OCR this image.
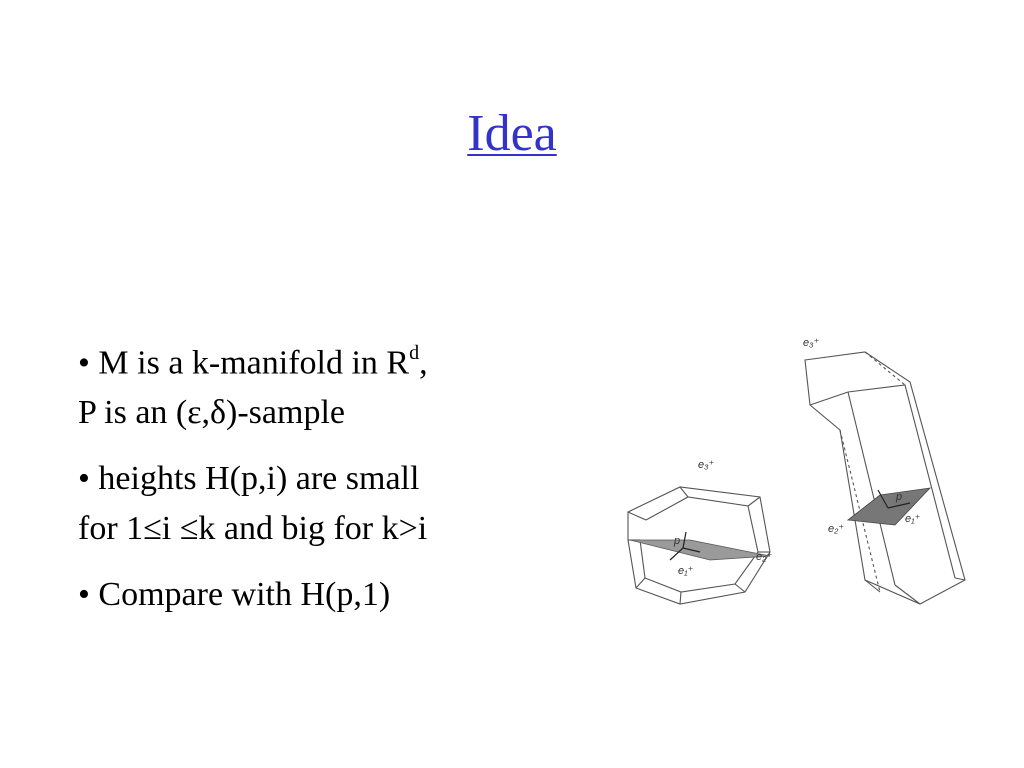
Idea
• M is a k-manifold in $R^d$,
P is an (ε,δ)-sample
• heights H(p,i) are small
for 1≤i ≤k and big for k>i
• Compare with H(p,1)
e₃⁺
e₂⁺
p
e₁⁺
e₃⁺
e₂⁺
e₁⁺
p
